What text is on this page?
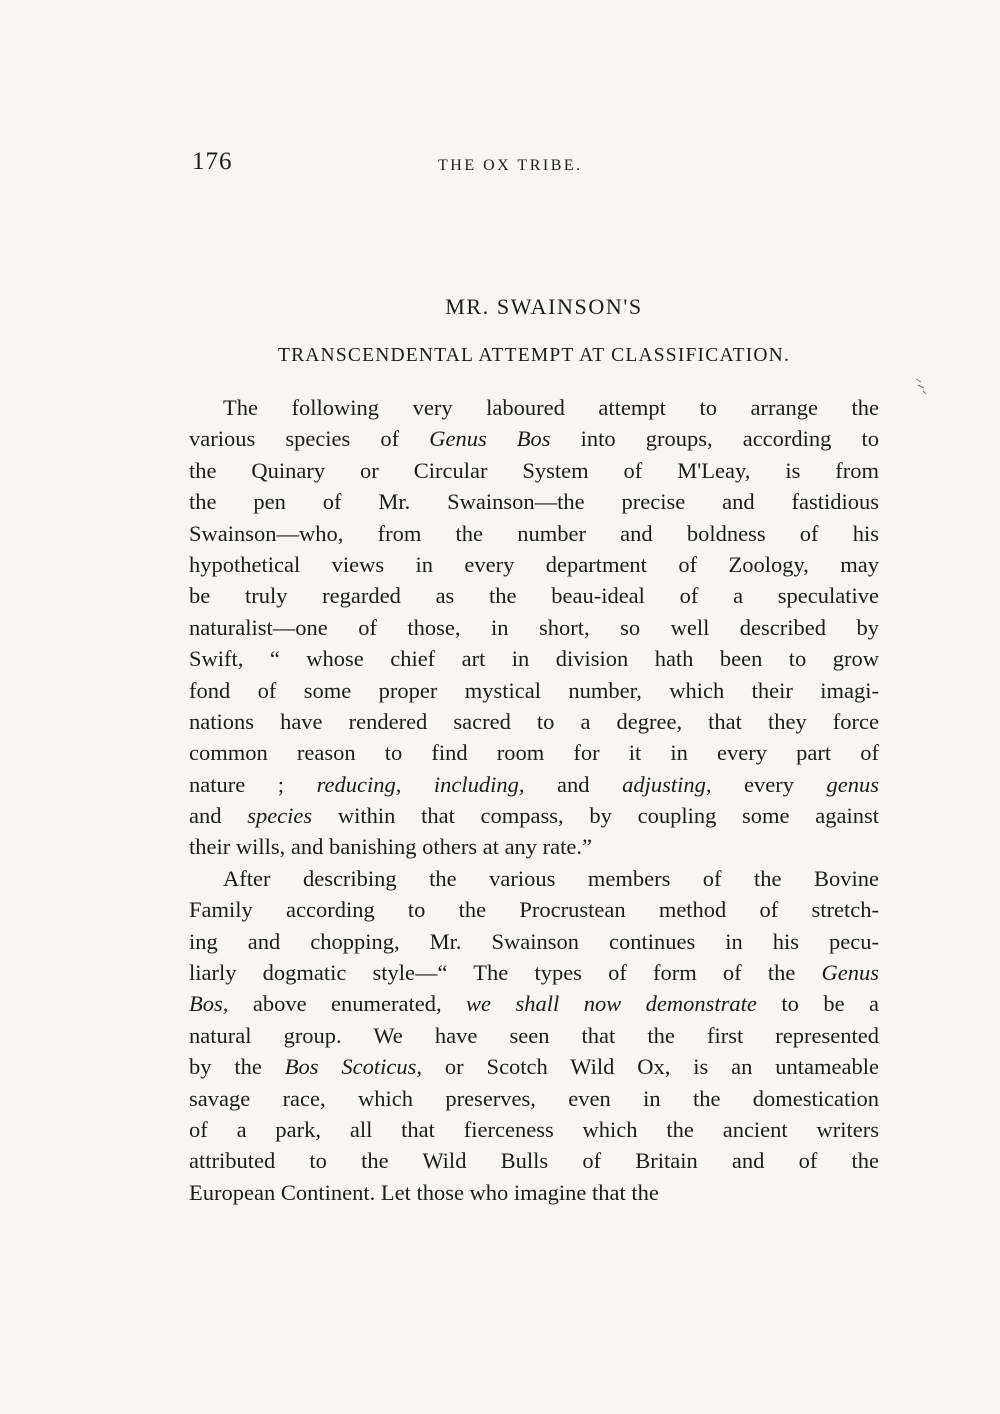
176	THE OX TRIBE.
MR. SWAINSON'S
TRANSCENDENTAL ATTEMPT AT CLASSIFICATION.
The following very laboured attempt to arrange the
various species of Genus Bos into groups, according to
the Quinary or Circular System of M'Leay, is from
the pen of Mr. Swainson—the precise and fastidious
Swainson—who, from the number and boldness of his
hypothetical views in every department of Zoology, may
be truly regarded as the beau-ideal of a speculative
naturalist—one of those, in short, so well described by
Swift, “ whose chief art in division hath been to grow
fond of some proper mystical number, which their imagi-
nations have rendered sacred to a degree, that they force
common reason to find room for it in every part of
nature ; reducing, including, and adjusting, every genus
and species within that compass, by coupling some against
their wills, and banishing others at any rate.”
After describing the various members of the Bovine
Family according to the Procrustean method of stretch-
ing and chopping, Mr. Swainson continues in his pecu-
liarly dogmatic style—“ The types of form of the Genus
Bos, above enumerated, we shall now demonstrate to be a
natural group. We have seen that the first represented
by the Bos Scoticus, or Scotch Wild Ox, is an untameable
savage race, which preserves, even in the domestication
of a park, all that fierceness which the ancient writers
attributed to the Wild Bulls of Britain and of the
European Continent. Let those who imagine that the
